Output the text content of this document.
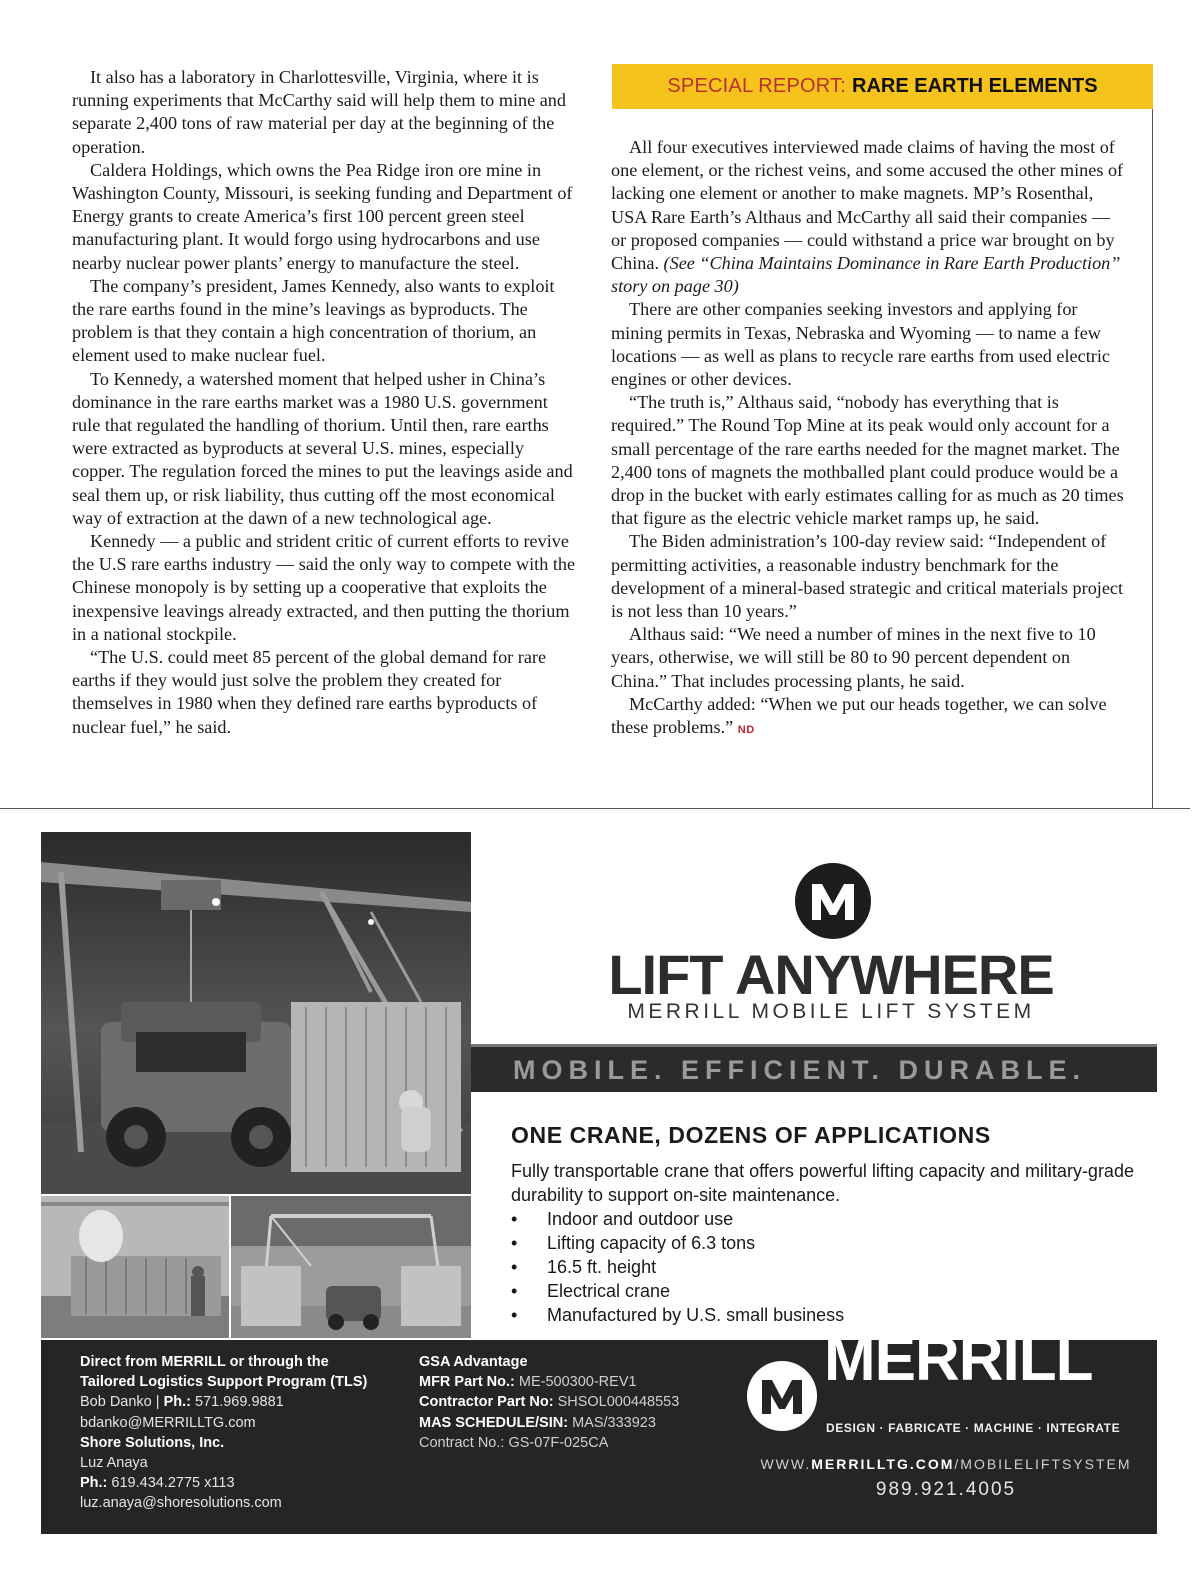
It also has a laboratory in Charlottesville, Virginia, where it is running experiments that McCarthy said will help them to mine and separate 2,400 tons of raw material per day at the beginning of the operation.

Caldera Holdings, which owns the Pea Ridge iron ore mine in Washington County, Missouri, is seeking funding and Department of Energy grants to create America’s first 100 percent green steel manufacturing plant. It would forgo using hydrocarbons and use nearby nuclear power plants’ energy to manufacture the steel.

The company’s president, James Kennedy, also wants to exploit the rare earths found in the mine’s leavings as byproducts. The problem is that they contain a high concentration of thorium, an element used to make nuclear fuel.

To Kennedy, a watershed moment that helped usher in China’s dominance in the rare earths market was a 1980 U.S. government rule that regulated the handling of thorium. Until then, rare earths were extracted as byproducts at several U.S. mines, especially copper. The regulation forced the mines to put the leavings aside and seal them up, or risk liability, thus cutting off the most economical way of extraction at the dawn of a new technological age.

Kennedy — a public and strident critic of current efforts to revive the U.S rare earths industry — said the only way to compete with the Chinese monopoly is by setting up a cooperative that exploits the inexpensive leavings already extracted, and then putting the thorium in a national stockpile.

“The U.S. could meet 85 percent of the global demand for rare earths if they would just solve the problem they created for themselves in 1980 when they defined rare earths byproducts of nuclear fuel,” he said.

SPECIAL REPORT: RARE EARTH ELEMENTS

All four executives interviewed made claims of having the most of one element, or the richest veins, and some accused the other mines of lacking one element or another to make magnets. MP’s Rosenthal, USA Rare Earth’s Althaus and McCarthy all said their companies — or proposed companies — could withstand a price war brought on by China. (See “China Maintains Dominance in Rare Earth Production” story on page 30)

There are other companies seeking investors and applying for mining permits in Texas, Nebraska and Wyoming — to name a few locations — as well as plans to recycle rare earths from used electric engines or other devices.

“The truth is,” Althaus said, “nobody has everything that is required.” The Round Top Mine at its peak would only account for a small percentage of the rare earths needed for the magnet market. The 2,400 tons of magnets the mothballed plant could produce would be a drop in the bucket with early estimates calling for as much as 20 times that figure as the electric vehicle market ramps up, he said.

The Biden administration’s 100-day review said: “Independent of permitting activities, a reasonable industry benchmark for the development of a mineral-based strategic and critical materials project is not less than 10 years.”

Althaus said: “We need a number of mines in the next five to 10 years, otherwise, we will still be 80 to 90 percent dependent on China.” That includes processing plants, he said.

McCarthy added: “When we put our heads together, we can solve these problems.” ND

LIFT ANYWHERE
MERRILL MOBILE LIFT SYSTEM
MOBILE. EFFICIENT. DURABLE.
ONE CRANE, DOZENS OF APPLICATIONS

Fully transportable crane that offers powerful lifting capacity and military-grade durability to support on-site maintenance.

• Indoor and outdoor use
• Lifting capacity of 6.3 tons
• 16.5 ft. height
• Electrical crane
• Manufactured by U.S. small business
Direct from MERRILL or through the
Tailored Logistics Support Program (TLS)
Bob Danko | Ph.: 571.969.9881
bdanko@MERRILLTG.com
Shore Solutions, Inc.
Luz Anaya
Ph.: 619.434.2775 x113
luz.anaya@shoresolutions.com
GSA Advantage
MFR Part No.: ME-500300-REV1
Contractor Part No: SHSOL000448553
MAS SCHEDULE/SIN: MAS/333923
Contract No.: GS-07F-025CA
MERRILL
DESIGN · FABRICATE · MACHINE · INTEGRATE
WWW.MERRILLTG.COM/MOBILELIFTSYSTEM
989.921.4005
